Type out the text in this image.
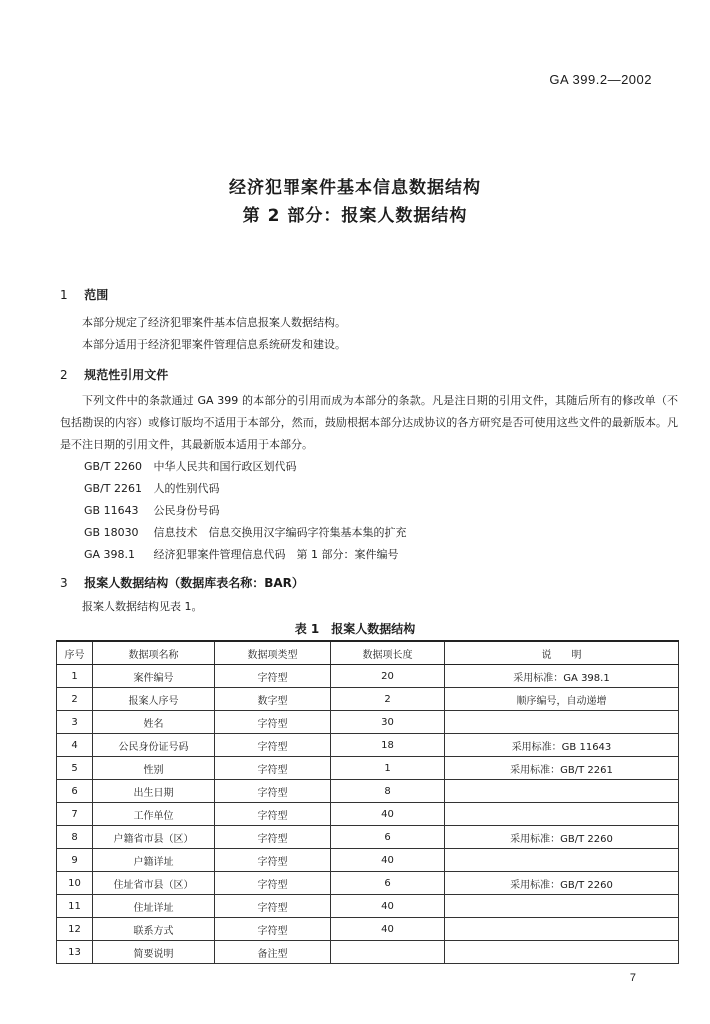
GA 399.2—2002
经济犯罪案件基本信息数据结构
第 2 部分：报案人数据结构
1 范围
本部分规定了经济犯罪案件基本信息报案人数据结构。
本部分适用于经济犯罪案件管理信息系统研发和建设。
2 规范性引用文件
下列文件中的条款通过 GA 399 的本部分的引用而成为本部分的条款。凡是注日期的引用文件，其随后所有的修改单（不包括勘误的内容）或修订版均不适用于本部分，然而，鼓励根据本部分达成协议的各方研究是否可使用这些文件的最新版本。凡是不注日期的引用文件，其最新版本适用于本部分。
GB/T 2260 中华人民共和国行政区划代码
GB/T 2261 人的性别代码
GB 11643 公民身份号码
GB 18030 信息技术　信息交换用汉字编码字符集基本集的扩充
GA 398.1 经济犯罪案件管理信息代码　第 1 部分：案件编号
3 报案人数据结构（数据库表名称：BAR）
报案人数据结构见表 1。
表 1　报案人数据结构
序号	数据项名称	数据项类型	数据项长度	说　　明
1	案件编号	字符型	20	采用标准：GA 398.1
2	报案人序号	数字型	2	顺序编号，自动递增
3	姓名	字符型	30	
4	公民身份证号码	字符型	18	采用标准：GB 11643
5	性别	字符型	1	采用标准：GB/T 2261
6	出生日期	字符型	8	
7	工作单位	字符型	40	
8	户籍省市县（区）	字符型	6	采用标准：GB/T 2260
9	户籍详址	字符型	40	
10	住址省市县（区）	字符型	6	采用标准：GB/T 2260
11	住址详址	字符型	40	
12	联系方式	字符型	40	
13	简要说明	备注型		
7
